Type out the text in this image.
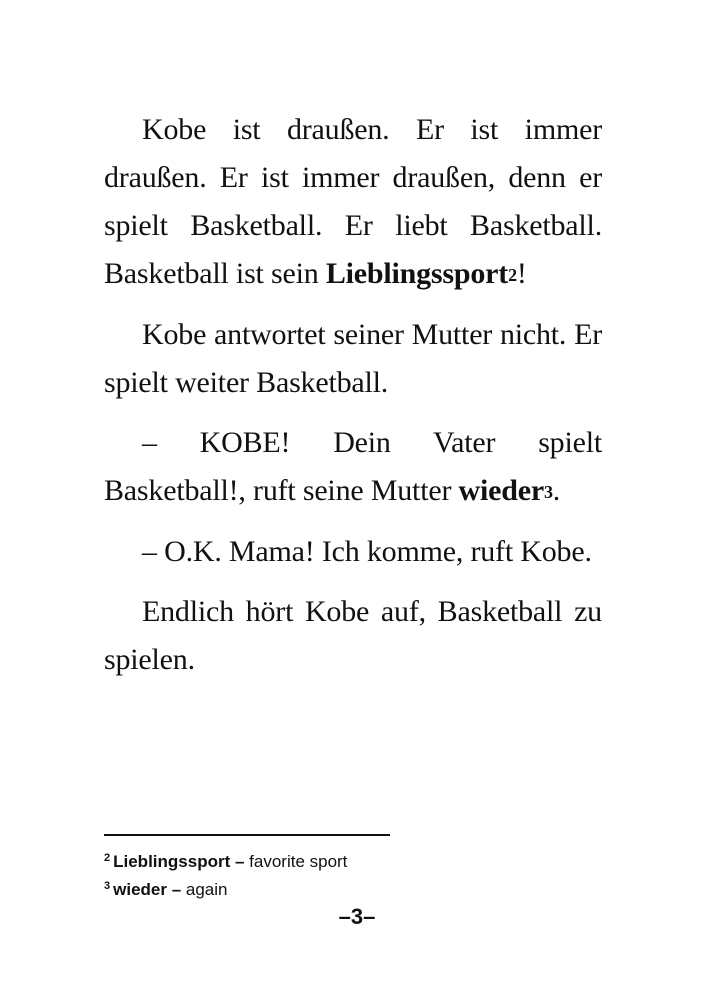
Kobe ist draußen. Er ist immer draußen. Er ist immer draußen, denn er spielt Basketball. Er liebt Basketball. Basketball ist sein Lieblingssport2!

Kobe antwortet seiner Mutter nicht. Er spielt weiter Basketball.

– KOBE! Dein Vater spielt Basketball!, ruft seine Mutter wieder3.

– O.K. Mama! Ich komme, ruft Kobe.

Endlich hört Kobe auf, Basketball zu spielen.

$^2$ Lieblingssport – favorite sport
$^3$ wieder – again
–3–
